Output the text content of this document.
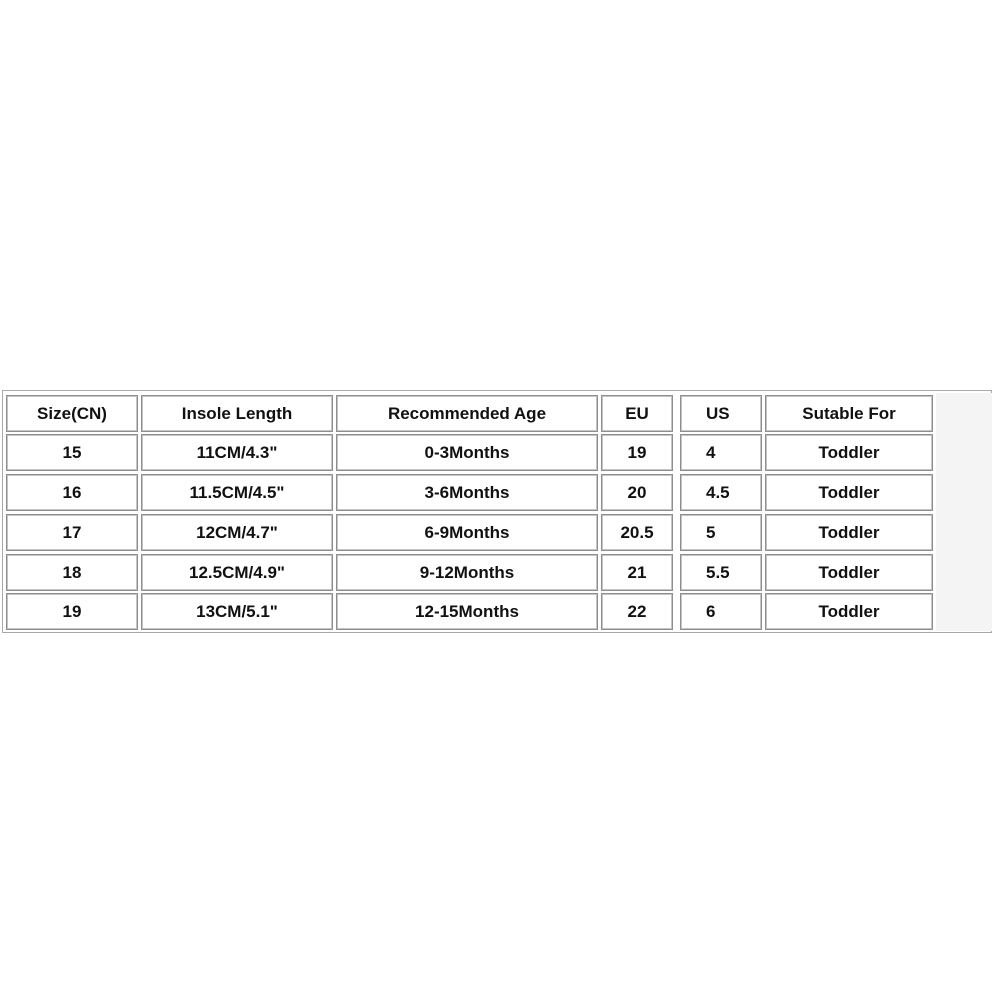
Size(CN)	Insole Length	Recommended Age	EU	US	Sutable For
15	11CM/4.3"	0-3Months	19	4	Toddler
16	11.5CM/4.5"	3-6Months	20	4.5	Toddler
17	12CM/4.7"	6-9Months	20.5	5	Toddler
18	12.5CM/4.9"	9-12Months	21	5.5	Toddler
19	13CM/5.1"	12-15Months	22	6	Toddler
